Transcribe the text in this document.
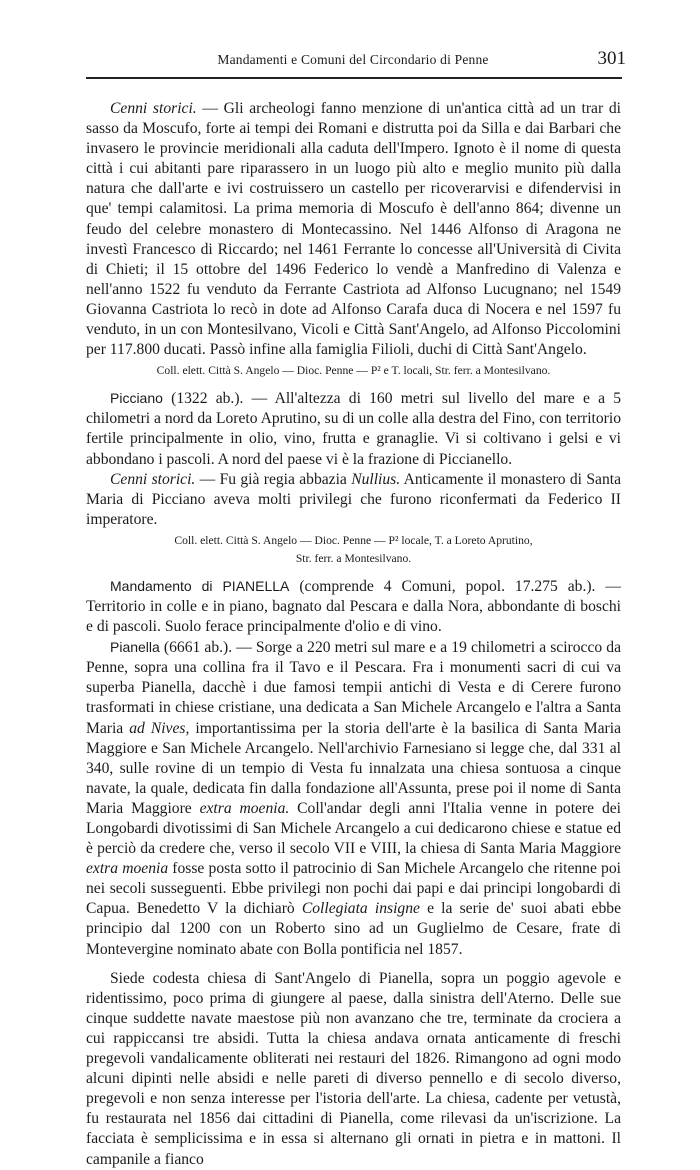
Mandamenti e Comuni del Circondario di Penne	301

Cenni storici. — Gli archeologi fanno menzione di un'antica città ad un trar di sasso da Moscufo, forte ai tempi dei Romani e distrutta poi da Silla e dai Barbari che invasero le provincie meridionali alla caduta dell'Impero. Ignoto è il nome di questa città i cui abitanti pare riparassero in un luogo più alto e meglio munito più dalla natura che dall'arte e ivi costruissero un castello per ricoverarvisi e difendervisi in que' tempi calamitosi. La prima memoria di Moscufo è dell'anno 864; divenne un feudo del celebre monastero di Montecassino. Nel 1446 Alfonso di Aragona ne investì Francesco di Riccardo; nel 1461 Ferrante lo concesse all'Università di Civita di Chieti; il 15 ottobre del 1496 Federico lo vendè a Manfredino di Valenza e nell'anno 1522 fu venduto da Ferrante Castriota ad Alfonso Lucugnano; nel 1549 Giovanna Castriota lo recò in dote ad Alfonso Carafa duca di Nocera e nel 1597 fu venduto, in un con Montesilvano, Vicoli e Città Sant'Angelo, ad Alfonso Piccolomini per 117.800 ducati. Passò infine alla famiglia Filioli, duchi di Città Sant'Angelo.

Coll. elett. Città S. Angelo — Dioc. Penne — P² e T. locali, Str. ferr. a Montesilvano.

Picciano (1322 ab.). — All'altezza di 160 metri sul livello del mare e a 5 chilometri a nord da Loreto Aprutino, su di un colle alla destra del Fino, con territorio fertile principalmente in olio, vino, frutta e granaglie. Vi si coltivano i gelsi e vi abbondano i pascoli. A nord del paese vi è la frazione di Piccianello.

Cenni storici. — Fu già regia abbazia Nullius. Anticamente il monastero di Santa Maria di Picciano aveva molti privilegi che furono riconfermati da Federico II imperatore.

Coll. elett. Città S. Angelo — Dioc. Penne — P² locale, T. a Loreto Aprutino,

Str. ferr. a Montesilvano.

Mandamento di PIANELLA (comprende 4 Comuni, popol. 17.275 ab.). — Territorio in colle e in piano, bagnato dal Pescara e dalla Nora, abbondante di boschi e di pascoli. Suolo ferace principalmente d'olio e di vino.

Pianella (6661 ab.). — Sorge a 220 metri sul mare e a 19 chilometri a scirocco da Penne, sopra una collina fra il Tavo e il Pescara. Fra i monumenti sacri di cui va superba Pianella, dacchè i due famosi tempii antichi di Vesta e di Cerere furono trasformati in chiese cristiane, una dedicata a San Michele Arcangelo e l'altra a Santa Maria ad Nives, importantissima per la storia dell'arte è la basilica di Santa Maria Maggiore e San Michele Arcangelo. Nell'archivio Farnesiano si legge che, dal 331 al 340, sulle rovine di un tempio di Vesta fu innalzata una chiesa sontuosa a cinque navate, la quale, dedicata fin dalla fondazione all'Assunta, prese poi il nome di Santa Maria Maggiore extra moenia. Coll'andar degli anni l'Italia venne in potere dei Longobardi divotissimi di San Michele Arcangelo a cui dedicarono chiese e statue ed è perciò da credere che, verso il secolo VII e VIII, la chiesa di Santa Maria Maggiore extra moenia fosse posta sotto il patrocinio di San Michele Arcangelo che ritenne poi nei secoli susseguenti. Ebbe privilegi non pochi dai papi e dai principi longobardi di Capua. Benedetto V la dichiarò Collegiata insigne e la serie de' suoi abati ebbe principio dal 1200 con un Roberto sino ad un Guglielmo de Cesare, frate di Montevergine nominato abate con Bolla pontificia nel 1857.

Siede codesta chiesa di Sant'Angelo di Pianella, sopra un poggio agevole e ridentissimo, poco prima di giungere al paese, dalla sinistra dell'Aterno. Delle sue cinque suddette navate maestose più non avanzano che tre, terminate da crociera a cui rappiccansi tre absidi. Tutta la chiesa andava ornata anticamente di freschi pregevoli vandalicamente obliterati nei restauri del 1826. Rimangono ad ogni modo alcuni dipinti nelle absidi e nelle pareti di diverso pennello e di secolo diverso, pregevoli e non senza interesse per l'istoria dell'arte. La chiesa, cadente per vetustà, fu restaurata nel 1856 dai cittadini di Pianella, come rilevasi da un'iscrizione. La facciata è semplicissima e in essa si alternano gli ornati in pietra e in mattoni. Il campanile a fianco
